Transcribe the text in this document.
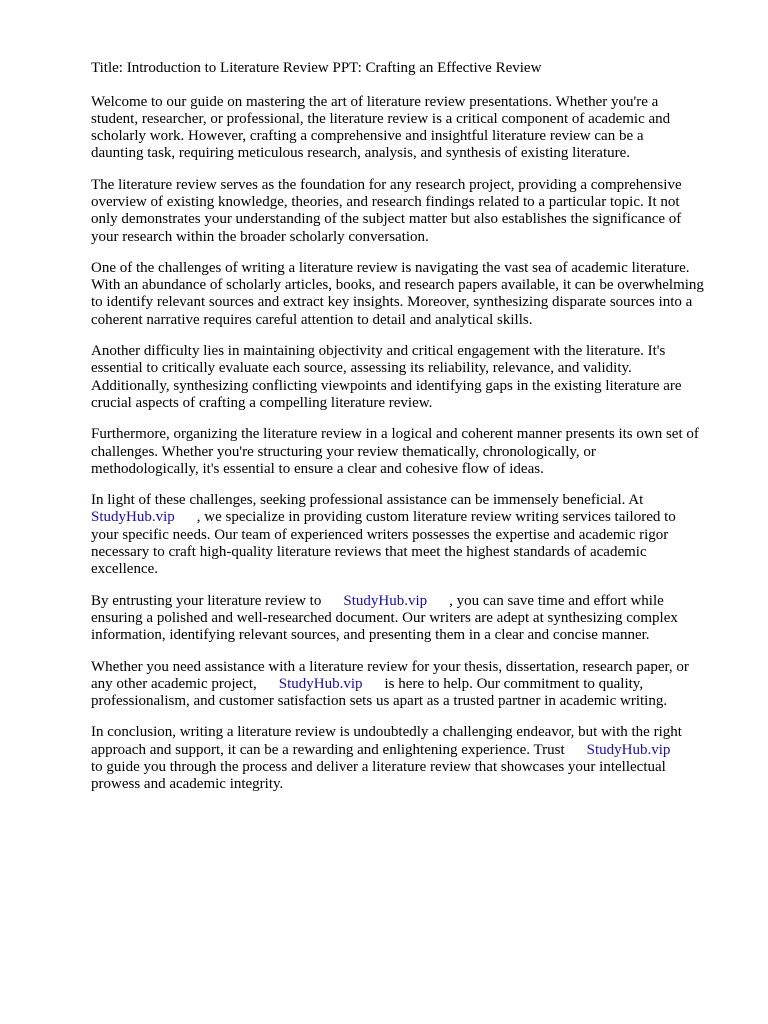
Title: Introduction to Literature Review PPT: Crafting an Effective Review
Welcome to our guide on mastering the art of literature review presentations. Whether you're a
student, researcher, or professional, the literature review is a critical component of academic and
scholarly work. However, crafting a comprehensive and insightful literature review can be a
daunting task, requiring meticulous research, analysis, and synthesis of existing literature.
The literature review serves as the foundation for any research project, providing a comprehensive
overview of existing knowledge, theories, and research findings related to a particular topic. It not
only demonstrates your understanding of the subject matter but also establishes the significance of
your research within the broader scholarly conversation.
One of the challenges of writing a literature review is navigating the vast sea of academic literature.
With an abundance of scholarly articles, books, and research papers available, it can be overwhelming
to identify relevant sources and extract key insights. Moreover, synthesizing disparate sources into a
coherent narrative requires careful attention to detail and analytical skills.
Another difficulty lies in maintaining objectivity and critical engagement with the literature. It's
essential to critically evaluate each source, assessing its reliability, relevance, and validity.
Additionally, synthesizing conflicting viewpoints and identifying gaps in the existing literature are
crucial aspects of crafting a compelling literature review.
Furthermore, organizing the literature review in a logical and coherent manner presents its own set of
challenges. Whether you're structuring your review thematically, chronologically, or
methodologically, it's essential to ensure a clear and cohesive flow of ideas.
In light of these challenges, seeking professional assistance can be immensely beneficial. At
StudyHub.vip , we specialize in providing custom literature review writing services tailored to
your specific needs. Our team of experienced writers possesses the expertise and academic rigor
necessary to craft high-quality literature reviews that meet the highest standards of academic
excellence.
By entrusting your literature review to StudyHub.vip , you can save time and effort while
ensuring a polished and well-researched document. Our writers are adept at synthesizing complex
information, identifying relevant sources, and presenting them in a clear and concise manner.
Whether you need assistance with a literature review for your thesis, dissertation, research paper, or
any other academic project, StudyHub.vip is here to help. Our commitment to quality,
professionalism, and customer satisfaction sets us apart as a trusted partner in academic writing.
In conclusion, writing a literature review is undoubtedly a challenging endeavor, but with the right
approach and support, it can be a rewarding and enlightening experience. Trust StudyHub.vip
to guide you through the process and deliver a literature review that showcases your intellectual
prowess and academic integrity.
